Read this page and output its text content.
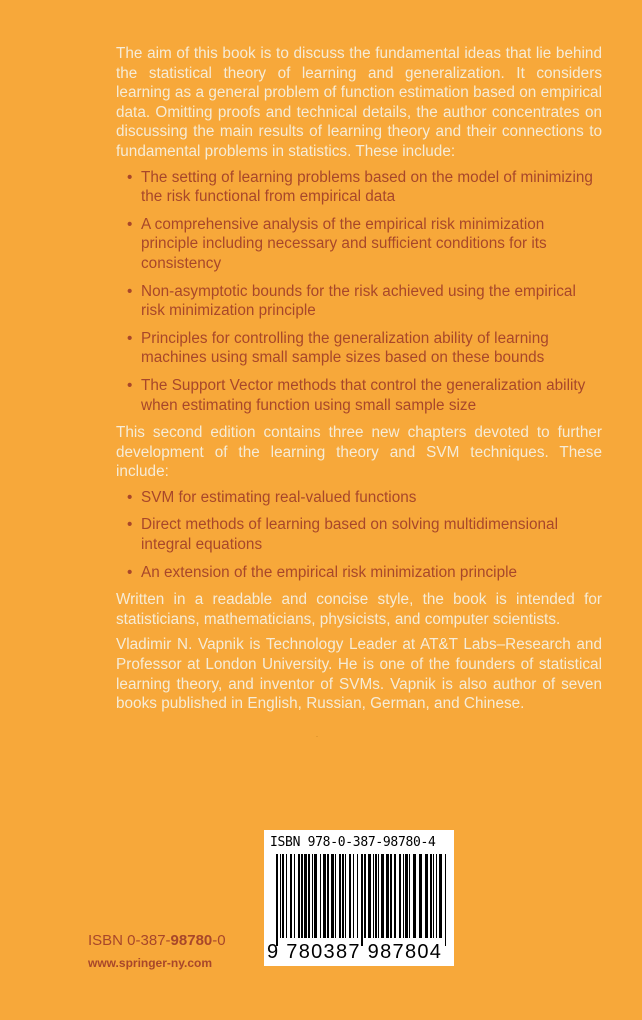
The aim of this book is to discuss the fundamental ideas that lie behind the statistical theory of learning and generalization. It considers learning as a general problem of function estimation based on empirical data. Omitting proofs and technical details, the author concentrates on discussing the main results of learning theory and their connections to fundamental problems in statistics. These include:

• The setting of learning problems based on the model of minimizing the risk functional from empirical data
• A comprehensive analysis of the empirical risk minimization principle including necessary and sufficient conditions for its consistency
• Non-asymptotic bounds for the risk achieved using the empirical risk minimization principle
• Principles for controlling the generalization ability of learning machines using small sample sizes based on these bounds
• The Support Vector methods that control the generalization ability when estimating function using small sample size

This second edition contains three new chapters devoted to further development of the learning theory and SVM techniques. These include:

• SVM for estimating real-valued functions
• Direct methods of learning based on solving multidimensional integral equations
• An extension of the empirical risk minimization principle

Written in a readable and concise style, the book is intended for statisticians, mathematicians, physicists, and computer scientists.

Vladimir N. Vapnik is Technology Leader at AT&T Labs–Research and Professor at London University. He is one of the founders of statistical learning theory, and inventor of SVMs. Vapnik is also author of seven books published in English, Russian, German, and Chinese.

ISBN 0-387-98780-0
www.springer-ny.com
ISBN 978-0-387-98780-4
9 780387 987804
